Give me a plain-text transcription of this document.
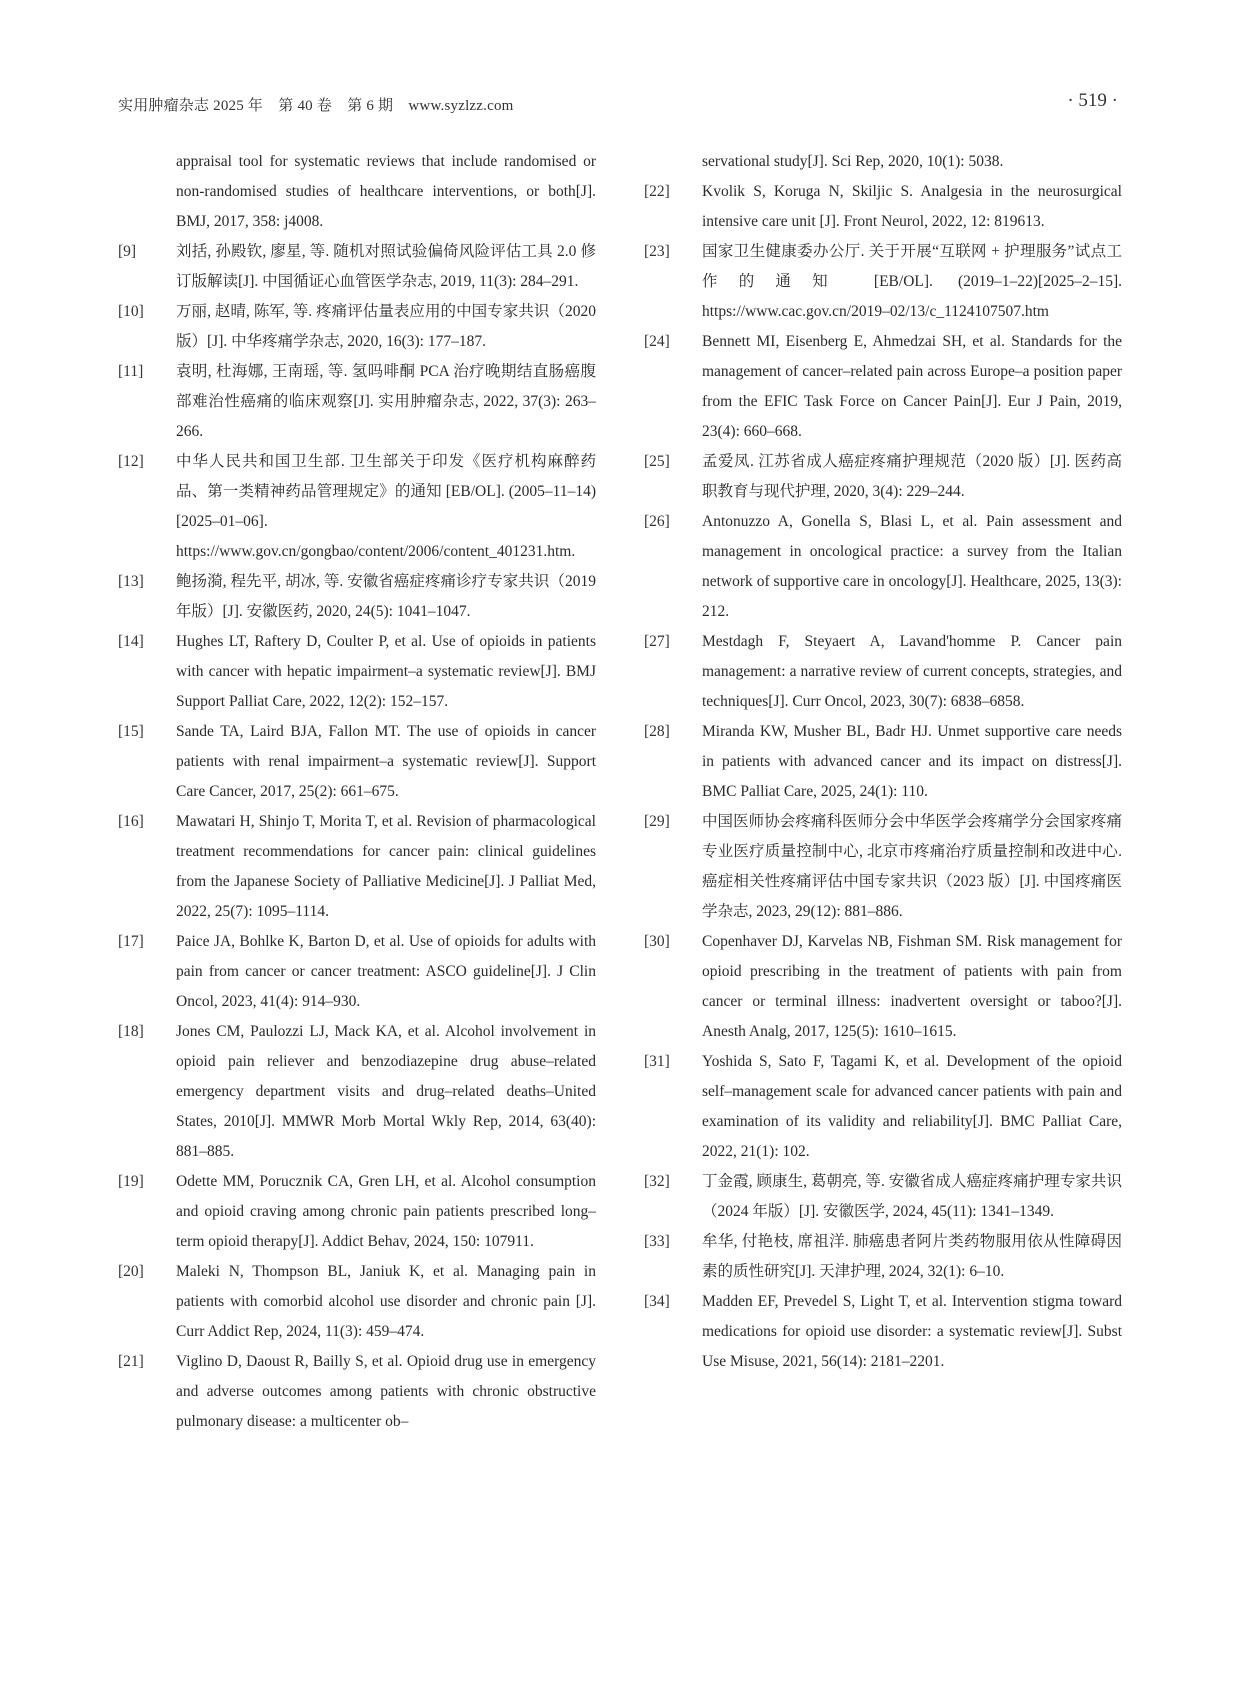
实用肿瘤杂志 2025 年　第 40 卷　第 6 期　www.syzlzz.com	· 519 ·
appraisal tool for systematic reviews that include randomised or non-randomised studies of healthcare interventions, or both[J]. BMJ, 2017, 358: j4008.
[9]	刘括, 孙殿钦, 廖星, 等. 随机对照试验偏倚风险评估工具 2.0 修订版解读[J]. 中国循证心血管医学杂志, 2019, 11(3): 284–291.
[10] 万丽, 赵晴, 陈军, 等. 疼痛评估量表应用的中国专家共识（2020 版）[J]. 中华疼痛学杂志, 2020, 16(3): 177–187.
[11] 袁明, 杜海娜, 王南瑶, 等. 氢吗啡酮 PCA 治疗晚期结直肠癌腹部难治性癌痛的临床观察[J]. 实用肿瘤杂志, 2022, 37(3): 263–266.
[12] 中华人民共和国卫生部. 卫生部关于印发《医疗机构麻醉药品、第一类精神药品管理规定》的通知 [EB/OL]. (2005–11–14)[2025–01–06]. https://www.gov.cn/gongbao/content/2006/content_401231.htm.
[13] 鲍扬漪, 程先平, 胡冰, 等. 安徽省癌症疼痛诊疗专家共识（2019 年版）[J]. 安徽医药, 2020, 24(5): 1041–1047.
[14] Hughes LT, Raftery D, Coulter P, et al. Use of opioids in patients with cancer with hepatic impairment–a systematic review[J]. BMJ Support Palliat Care, 2022, 12(2): 152–157.
[15] Sande TA, Laird BJA, Fallon MT. The use of opioids in cancer patients with renal impairment–a systematic review[J]. Support Care Cancer, 2017, 25(2): 661–675.
[16] Mawatari H, Shinjo T, Morita T, et al. Revision of pharmacological treatment recommendations for cancer pain: clinical guidelines from the Japanese Society of Palliative Medicine[J]. J Palliat Med, 2022, 25(7): 1095–1114.
[17] Paice JA, Bohlke K, Barton D, et al. Use of opioids for adults with pain from cancer or cancer treatment: ASCO guideline[J]. J Clin Oncol, 2023, 41(4): 914–930.
[18] Jones CM, Paulozzi LJ, Mack KA, et al. Alcohol involvement in opioid pain reliever and benzodiazepine drug abuse–related emergency department visits and drug–related deaths–United States, 2010[J]. MMWR Morb Mortal Wkly Rep, 2014, 63(40): 881–885.
[19] Odette MM, Porucznik CA, Gren LH, et al. Alcohol consumption and opioid craving among chronic pain patients prescribed long–term opioid therapy[J]. Addict Behav, 2024, 150: 107911.
[20] Maleki N, Thompson BL, Janiuk K, et al. Managing pain in patients with comorbid alcohol use disorder and chronic pain [J]. Curr Addict Rep, 2024, 11(3): 459–474.
[21] Viglino D, Daoust R, Bailly S, et al. Opioid drug use in emergency and adverse outcomes among patients with chronic obstructive pulmonary disease: a multicenter ob–
servational study[J]. Sci Rep, 2020, 10(1): 5038.
[22] Kvolik S, Koruga N, Skiljic S. Analgesia in the neurosurgical intensive care unit [J]. Front Neurol, 2022, 12: 819613.
[23] 国家卫生健康委办公厅. 关于开展“互联网 + 护理服务”试点工作的通知 [EB/OL]. (2019–1–22)[2025–2–15]. https://www.cac.gov.cn/2019–02/13/c_1124107507.htm
[24] Bennett MI, Eisenberg E, Ahmedzai SH, et al. Standards for the management of cancer–related pain across Europe–a position paper from the EFIC Task Force on Cancer Pain[J]. Eur J Pain, 2019, 23(4): 660–668.
[25] 孟爱凤. 江苏省成人癌症疼痛护理规范（2020 版）[J]. 医药高职教育与现代护理, 2020, 3(4): 229–244.
[26] Antonuzzo A, Gonella S, Blasi L, et al. Pain assessment and management in oncological practice: a survey from the Italian network of supportive care in oncology[J]. Healthcare, 2025, 13(3): 212.
[27] Mestdagh F, Steyaert A, Lavand'homme P. Cancer pain management: a narrative review of current concepts, strategies, and techniques[J]. Curr Oncol, 2023, 30(7): 6838–6858.
[28] Miranda KW, Musher BL, Badr HJ. Unmet supportive care needs in patients with advanced cancer and its impact on distress[J]. BMC Palliat Care, 2025, 24(1): 110.
[29] 中国医师协会疼痛科医师分会中华医学会疼痛学分会国家疼痛专业医疗质量控制中心, 北京市疼痛治疗质量控制和改进中心. 癌症相关性疼痛评估中国专家共识（2023 版）[J]. 中国疼痛医学杂志, 2023, 29(12): 881–886.
[30] Copenhaver DJ, Karvelas NB, Fishman SM. Risk management for opioid prescribing in the treatment of patients with pain from cancer or terminal illness: inadvertent oversight or taboo?[J]. Anesth Analg, 2017, 125(5): 1610–1615.
[31] Yoshida S, Sato F, Tagami K, et al. Development of the opioid self–management scale for advanced cancer patients with pain and examination of its validity and reliability[J]. BMC Palliat Care, 2022, 21(1): 102.
[32] 丁金霞, 顾康生, 葛朝亮, 等. 安徽省成人癌症疼痛护理专家共识（2024 年版）[J]. 安徽医学, 2024, 45(11): 1341–1349.
[33] 牟华, 付艳枝, 席祖洋. 肺癌患者阿片类药物服用依从性障碍因素的质性研究[J]. 天津护理, 2024, 32(1): 6–10.
[34] Madden EF, Prevedel S, Light T, et al. Intervention stigma toward medications for opioid use disorder: a systematic review[J]. Subst Use Misuse, 2021, 56(14): 2181–2201.
